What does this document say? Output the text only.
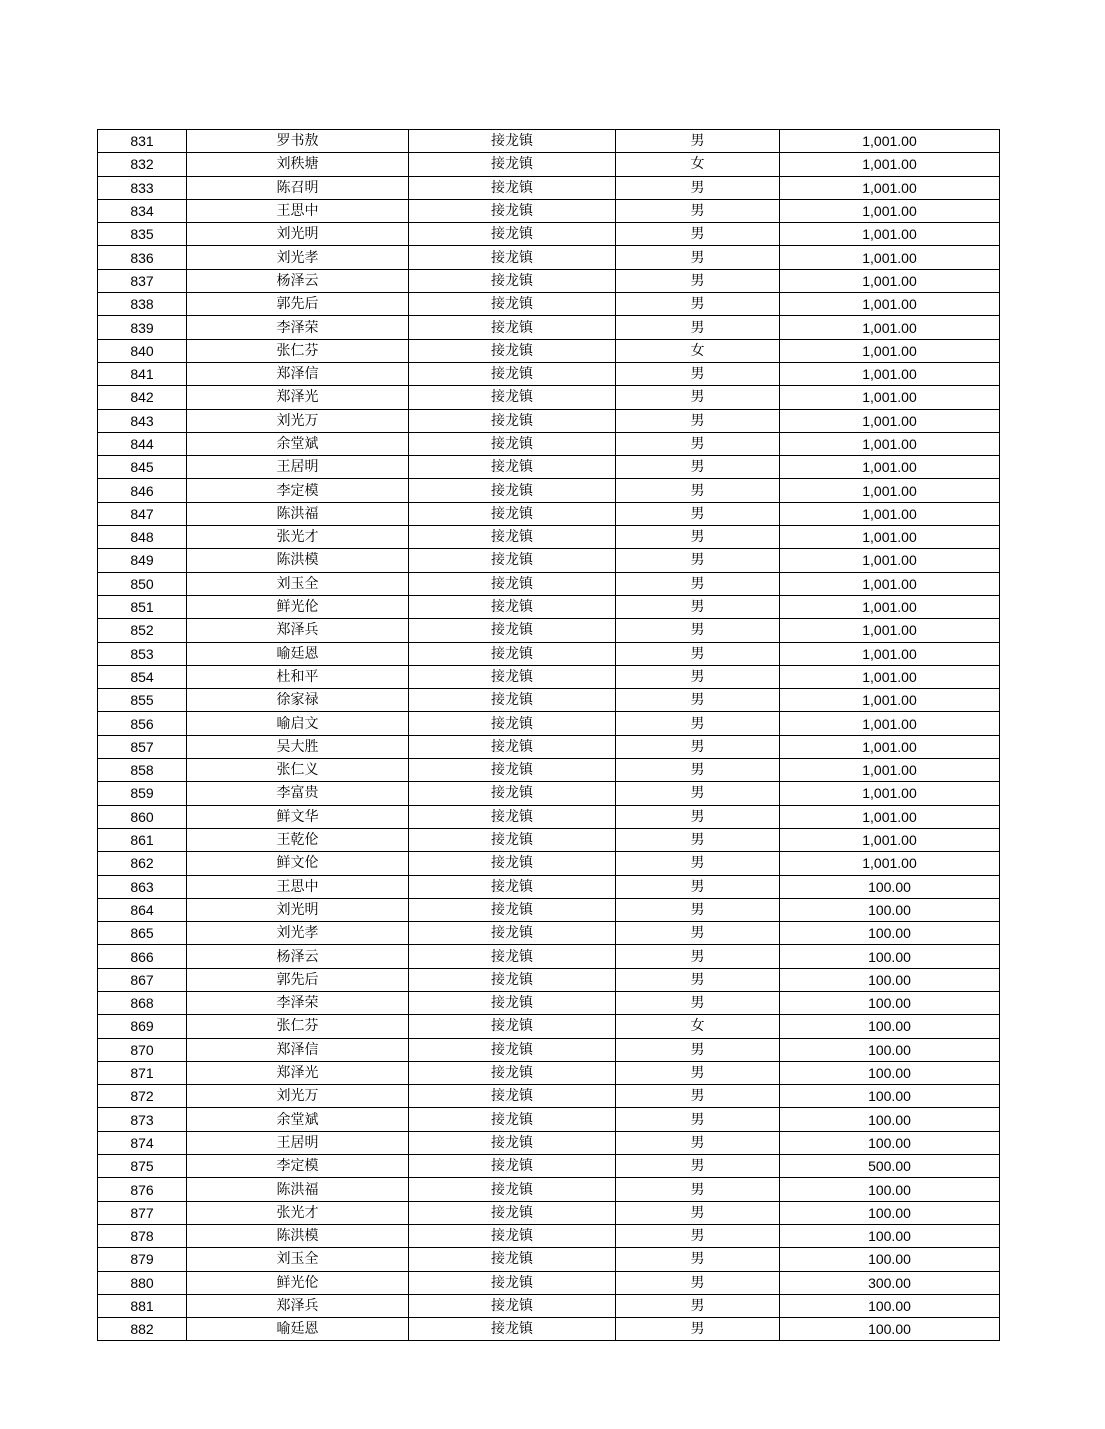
831	罗书敖	接龙镇	男	1,001.00
832	刘秩塘	接龙镇	女	1,001.00
833	陈召明	接龙镇	男	1,001.00
834	王思中	接龙镇	男	1,001.00
835	刘光明	接龙镇	男	1,001.00
836	刘光孝	接龙镇	男	1,001.00
837	杨泽云	接龙镇	男	1,001.00
838	郭先后	接龙镇	男	1,001.00
839	李泽荣	接龙镇	男	1,001.00
840	张仁芬	接龙镇	女	1,001.00
841	郑泽信	接龙镇	男	1,001.00
842	郑泽光	接龙镇	男	1,001.00
843	刘光万	接龙镇	男	1,001.00
844	余堂斌	接龙镇	男	1,001.00
845	王居明	接龙镇	男	1,001.00
846	李定模	接龙镇	男	1,001.00
847	陈洪福	接龙镇	男	1,001.00
848	张光才	接龙镇	男	1,001.00
849	陈洪模	接龙镇	男	1,001.00
850	刘玉全	接龙镇	男	1,001.00
851	鲜光伦	接龙镇	男	1,001.00
852	郑泽兵	接龙镇	男	1,001.00
853	喻廷恩	接龙镇	男	1,001.00
854	杜和平	接龙镇	男	1,001.00
855	徐家禄	接龙镇	男	1,001.00
856	喻启文	接龙镇	男	1,001.00
857	吴大胜	接龙镇	男	1,001.00
858	张仁义	接龙镇	男	1,001.00
859	李富贵	接龙镇	男	1,001.00
860	鲜文华	接龙镇	男	1,001.00
861	王乾伦	接龙镇	男	1,001.00
862	鲜文伦	接龙镇	男	1,001.00
863	王思中	接龙镇	男	100.00
864	刘光明	接龙镇	男	100.00
865	刘光孝	接龙镇	男	100.00
866	杨泽云	接龙镇	男	100.00
867	郭先后	接龙镇	男	100.00
868	李泽荣	接龙镇	男	100.00
869	张仁芬	接龙镇	女	100.00
870	郑泽信	接龙镇	男	100.00
871	郑泽光	接龙镇	男	100.00
872	刘光万	接龙镇	男	100.00
873	余堂斌	接龙镇	男	100.00
874	王居明	接龙镇	男	100.00
875	李定模	接龙镇	男	500.00
876	陈洪福	接龙镇	男	100.00
877	张光才	接龙镇	男	100.00
878	陈洪模	接龙镇	男	100.00
879	刘玉全	接龙镇	男	100.00
880	鲜光伦	接龙镇	男	300.00
881	郑泽兵	接龙镇	男	100.00
882	喻廷恩	接龙镇	男	100.00
